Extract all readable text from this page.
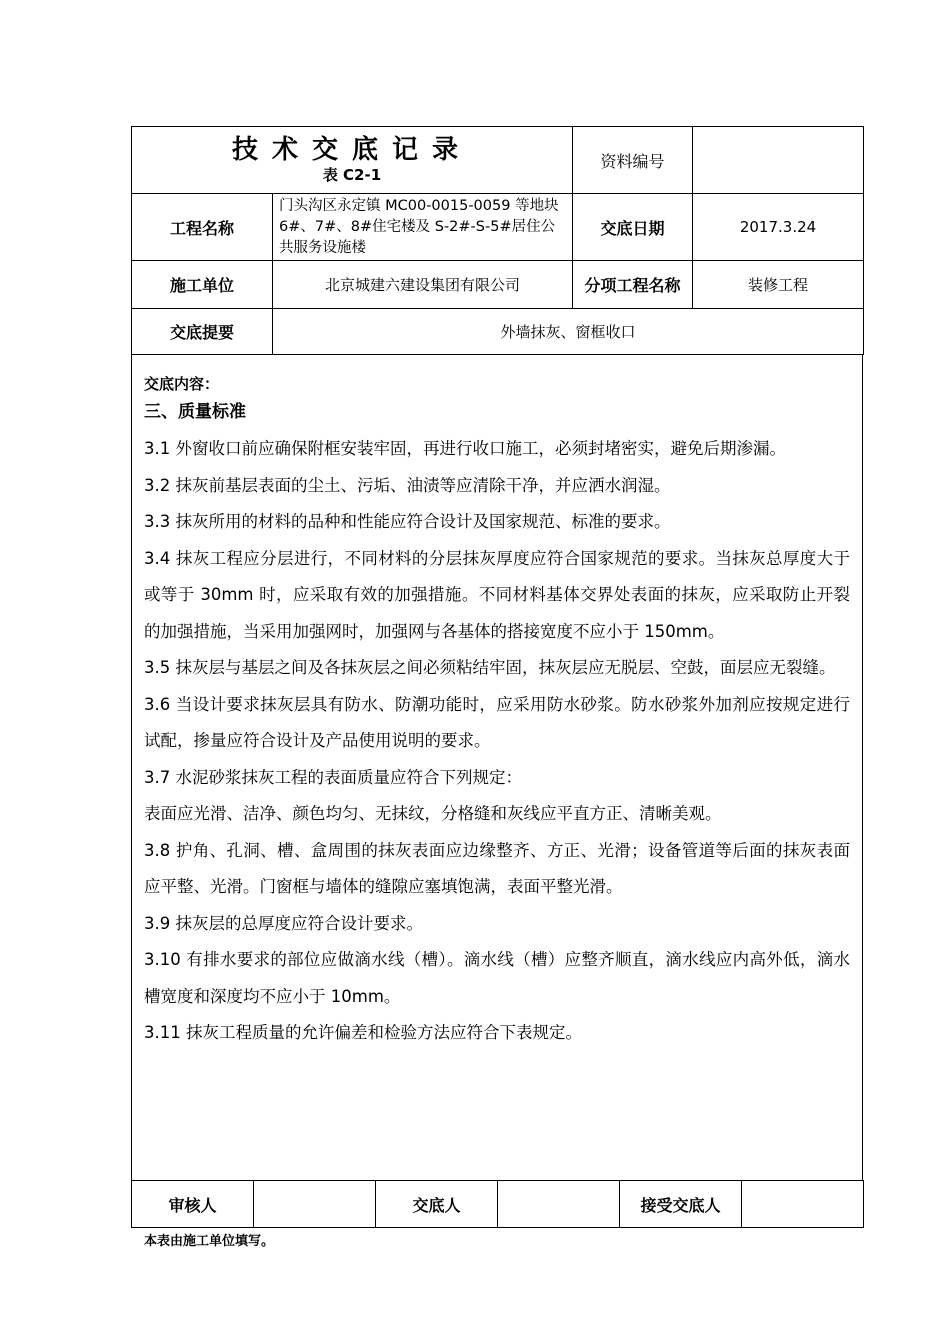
技术交底记录
表 C2-1		资料编号	
工程名称	门头沟区永定镇 MC00-0015-0059 等地块 6#、7#、8#住宅楼及 S-2#-S-5#居住公共服务设施楼	交底日期	2017.3.24
施工单位	北京城建六建设集团有限公司	分项工程名称	装修工程
交底提要	外墙抹灰、窗框收口		
交底内容：
三、质量标准

3.1 外窗收口前应确保附框安装牢固，再进行收口施工，必须封堵密实，避免后期渗漏。

3.2 抹灰前基层表面的尘土、污垢、油渍等应清除干净，并应洒水润湿。

3.3 抹灰所用的材料的品种和性能应符合设计及国家规范、标准的要求。

3.4 抹灰工程应分层进行，不同材料的分层抹灰厚度应符合国家规范的要求。当抹灰总厚度大于或等于 30mm 时，应采取有效的加强措施。不同材料基体交界处表面的抹灰，应采取防止开裂的加强措施，当采用加强网时，加强网与各基体的搭接宽度不应小于 150mm。

3.5 抹灰层与基层之间及各抹灰层之间必须粘结牢固，抹灰层应无脱层、空鼓，面层应无裂缝。

3.6 当设计要求抹灰层具有防水、防潮功能时，应采用防水砂浆。防水砂浆外加剂应按规定进行试配，掺量应符合设计及产品使用说明的要求。

3.7 水泥砂浆抹灰工程的表面质量应符合下列规定：

表面应光滑、洁净、颜色均匀、无抹纹，分格缝和灰线应平直方正、清晰美观。

3.8 护角、孔洞、槽、盒周围的抹灰表面应边缘整齐、方正、光滑；设备管道等后面的抹灰表面应平整、光滑。门窗框与墙体的缝隙应塞填饱满，表面平整光滑。

3.9 抹灰层的总厚度应符合设计要求。

3.10 有排水要求的部位应做滴水线（槽）。滴水线（槽）应整齐顺直，滴水线应内高外低，滴水槽宽度和深度均不应小于 10mm。

3.11 抹灰工程质量的允许偏差和检验方法应符合下表规定。

审核人		交底人		接受交底人	
本表由施工单位填写。
